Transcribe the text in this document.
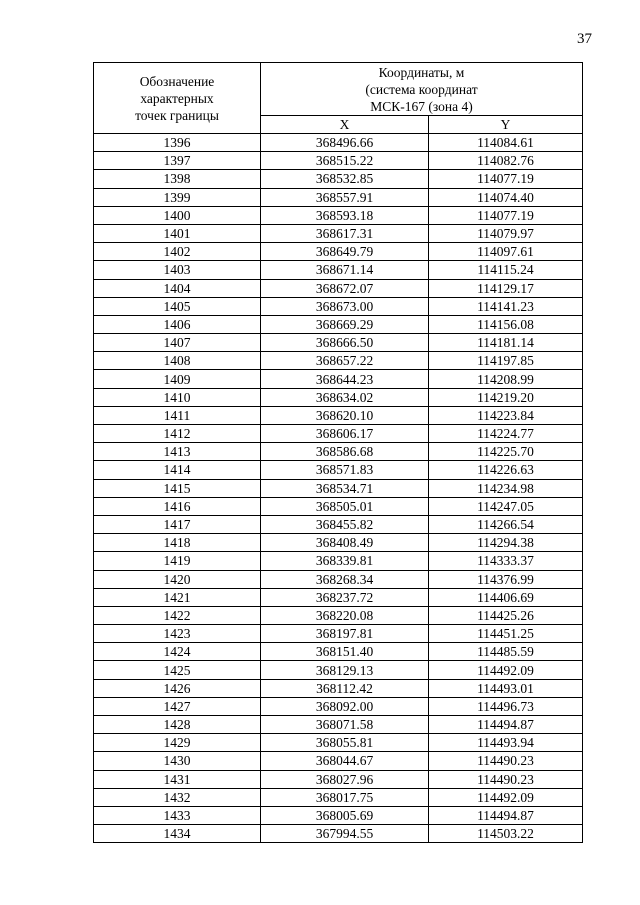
37
Обозначение
характерных
точек границы	Координаты, м
(система координат
МСК-167 (зона 4)	

	X	Y
1396	368496.66	114084.61
1397	368515.22	114082.76
1398	368532.85	114077.19
1399	368557.91	114074.40
1400	368593.18	114077.19
1401	368617.31	114079.97
1402	368649.79	114097.61
1403	368671.14	114115.24
1404	368672.07	114129.17
1405	368673.00	114141.23
1406	368669.29	114156.08
1407	368666.50	114181.14
1408	368657.22	114197.85
1409	368644.23	114208.99
1410	368634.02	114219.20
1411	368620.10	114223.84
1412	368606.17	114224.77
1413	368586.68	114225.70
1414	368571.83	114226.63
1415	368534.71	114234.98
1416	368505.01	114247.05
1417	368455.82	114266.54
1418	368408.49	114294.38
1419	368339.81	114333.37
1420	368268.34	114376.99
1421	368237.72	114406.69
1422	368220.08	114425.26
1423	368197.81	114451.25
1424	368151.40	114485.59
1425	368129.13	114492.09
1426	368112.42	114493.01
1427	368092.00	114496.73
1428	368071.58	114494.87
1429	368055.81	114493.94
1430	368044.67	114490.23
1431	368027.96	114490.23
1432	368017.75	114492.09
1433	368005.69	114494.87
1434	367994.55	114503.22
